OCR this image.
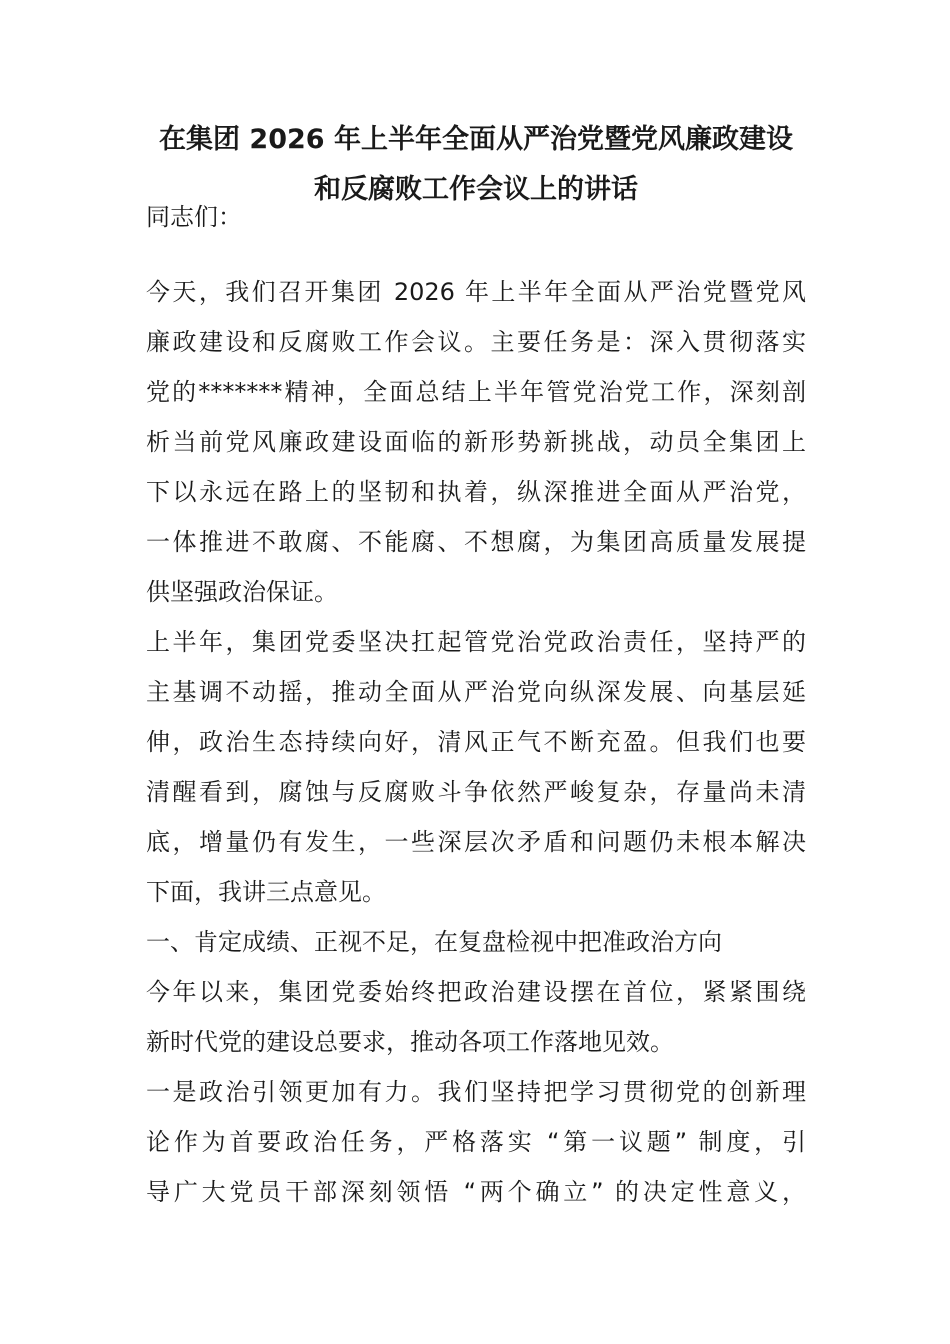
在集团 2026 年上半年全面从严治党暨党风廉政建设
和反腐败工作会议上的讲话
同志们：
今天，我们召开集团 2026 年上半年全面从严治党暨党风
廉政建设和反腐败工作会议。主要任务是：深入贯彻落实
党的*******精神，全面总结上半年管党治党工作，深刻剖
析当前党风廉政建设面临的新形势新挑战，动员全集团上
下以永远在路上的坚韧和执着，纵深推进全面从严治党，
一体推进不敢腐、不能腐、不想腐，为集团高质量发展提
供坚强政治保证。
上半年，集团党委坚决扛起管党治党政治责任，坚持严的
主基调不动摇，推动全面从严治党向纵深发展、向基层延
伸，政治生态持续向好，清风正气不断充盈。但我们也要
清醒看到，腐蚀与反腐败斗争依然严峻复杂，存量尚未清
底，增量仍有发生，一些深层次矛盾和问题仍未根本解决
下面，我讲三点意见。
一、肯定成绩、正视不足，在复盘检视中把准政治方向
今年以来，集团党委始终把政治建设摆在首位，紧紧围绕
新时代党的建设总要求，推动各项工作落地见效。
一是政治引领更加有力。我们坚持把学习贯彻党的创新理
论作为首要政治任务，严格落实 “第一议题” 制度，引
导广大党员干部深刻领悟 “两个确立” 的决定性意义，
